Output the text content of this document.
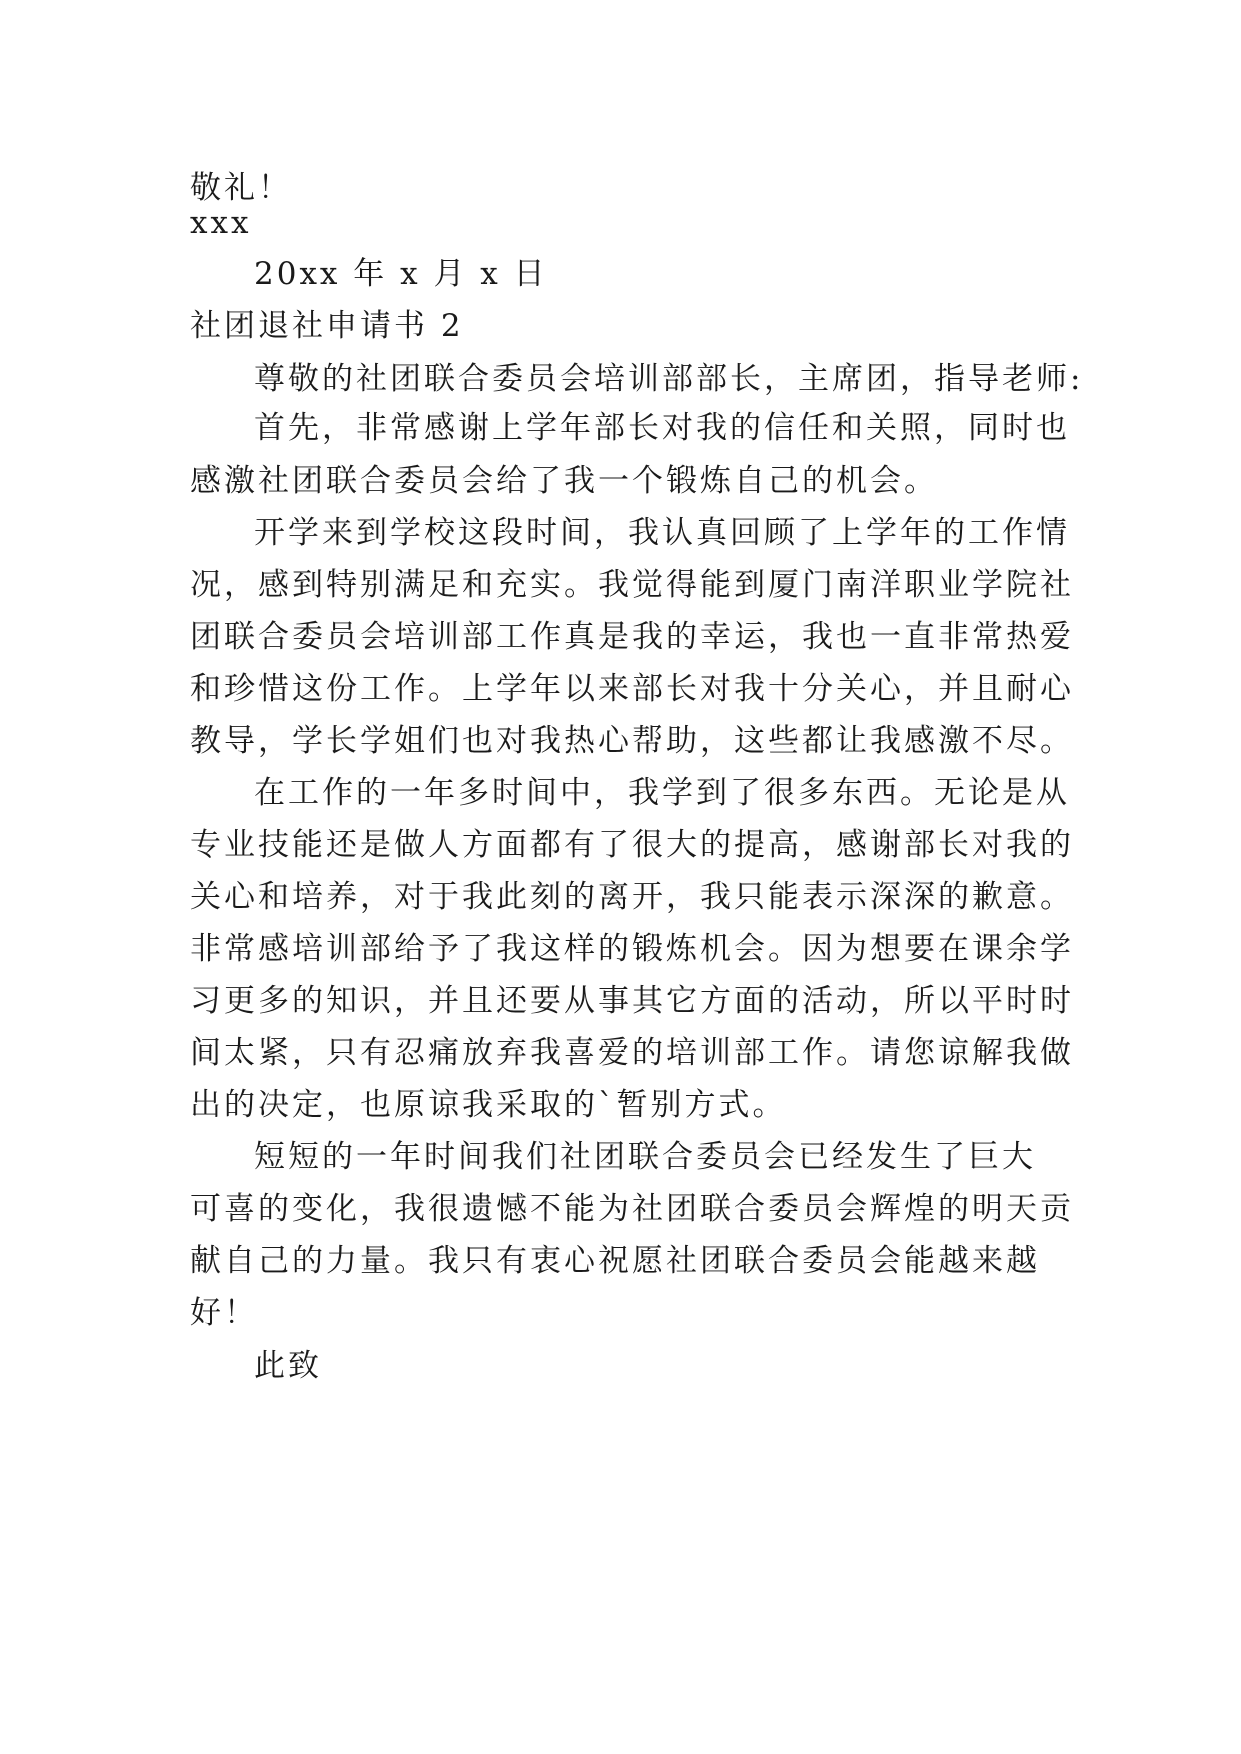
敬礼！
xxx
20xx 年 x 月 x 日
社团退社申请书 2
尊敬的社团联合委员会培训部部长，主席团，指导老师:
首先，非常感谢上学年部长对我的信任和关照，同时也
感激社团联合委员会给了我一个锻炼自己的机会。
开学来到学校这段时间，我认真回顾了上学年的工作情
况，感到特别满足和充实。我觉得能到厦门南洋职业学院社
团联合委员会培训部工作真是我的幸运，我也一直非常热爱
和珍惜这份工作。上学年以来部长对我十分关心，并且耐心
教导，学长学姐们也对我热心帮助，这些都让我感激不尽。
在工作的一年多时间中，我学到了很多东西。无论是从
专业技能还是做人方面都有了很大的提高，感谢部长对我的
关心和培养，对于我此刻的离开，我只能表示深深的歉意。
非常感培训部给予了我这样的锻炼机会。因为想要在课余学
习更多的知识，并且还要从事其它方面的活动，所以平时时
间太紧，只有忍痛放弃我喜爱的培训部工作。请您谅解我做
出的决定，也原谅我采取的`暂别方式。
短短的一年时间我们社团联合委员会已经发生了巨大
可喜的变化，我很遗憾不能为社团联合委员会辉煌的明天贡
献自己的力量。我只有衷心祝愿社团联合委员会能越来越
好！
此致
